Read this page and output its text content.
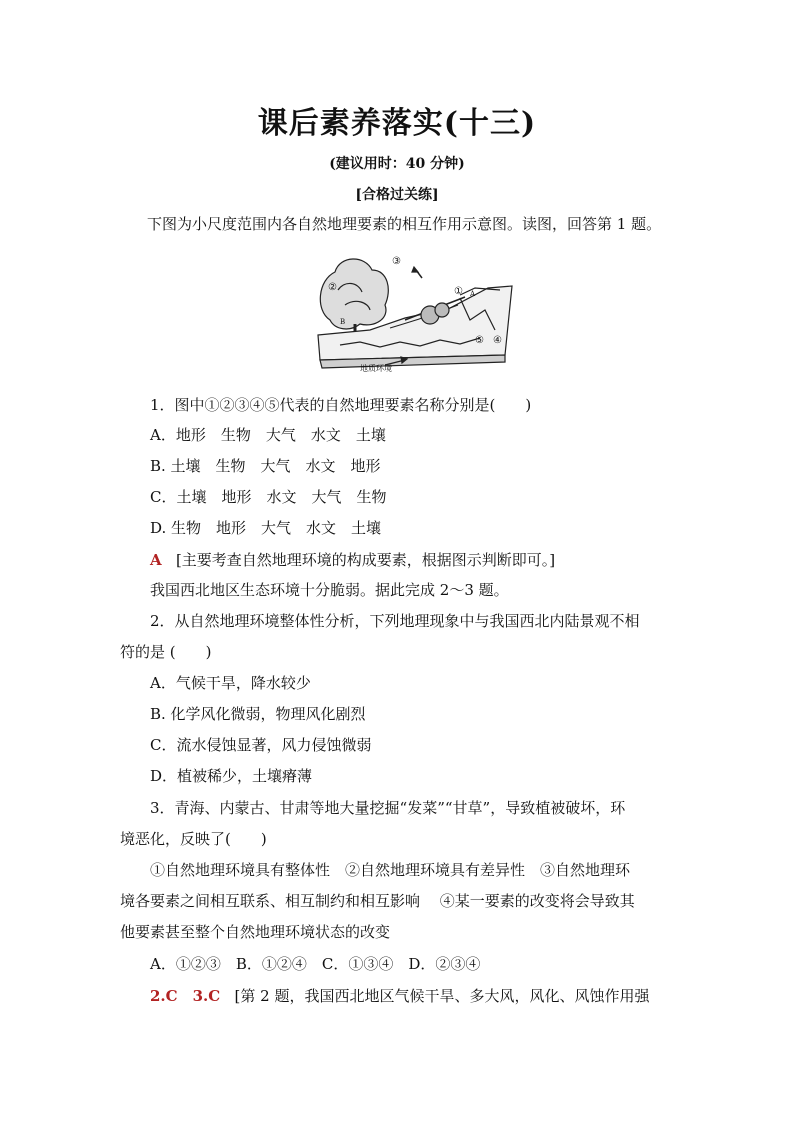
课后素养落实(十三)
(建议用时：40 分钟)
[合格过关练]
下图为小尺度范围内各自然地理要素的相互作用示意图。读图，回答第 1 题。
③
②	① A
B
⑤ ④
地质环境
1．图中①②③④⑤代表的自然地理要素名称分别是(　　)
A．地形　生物　大气　水文　土壤
B. 土壤　生物　大气　水文　地形
C．土壤　地形　水文　大气　生物
D. 生物　地形　大气　水文　土壤
A [主要考查自然地理环境的构成要素，根据图示判断即可。]
我国西北地区生态环境十分脆弱。据此完成 2～3 题。
2．从自然地理环境整体性分析，下列地理现象中与我国西北内陆景观不相
符的是 (　　)
A．气候干旱，降水较少
B. 化学风化微弱，物理风化剧烈
C．流水侵蚀显著，风力侵蚀微弱
D．植被稀少，土壤瘠薄
3．青海、内蒙古、甘肃等地大量挖掘“发菜”“甘草”，导致植被破坏，环
境恶化，反映了(　　)
①自然地理环境具有整体性　②自然地理环境具有差异性　③自然地理环
境各要素之间相互联系、相互制约和相互影响　 ④某一要素的改变将会导致其
他要素甚至整个自然地理环境状态的改变
A．①②③　B．①②④　C．①③④　D．②③④
2.C　3.C [第 2 题，我国西北地区气候干旱、多大风，风化、风蚀作用强
